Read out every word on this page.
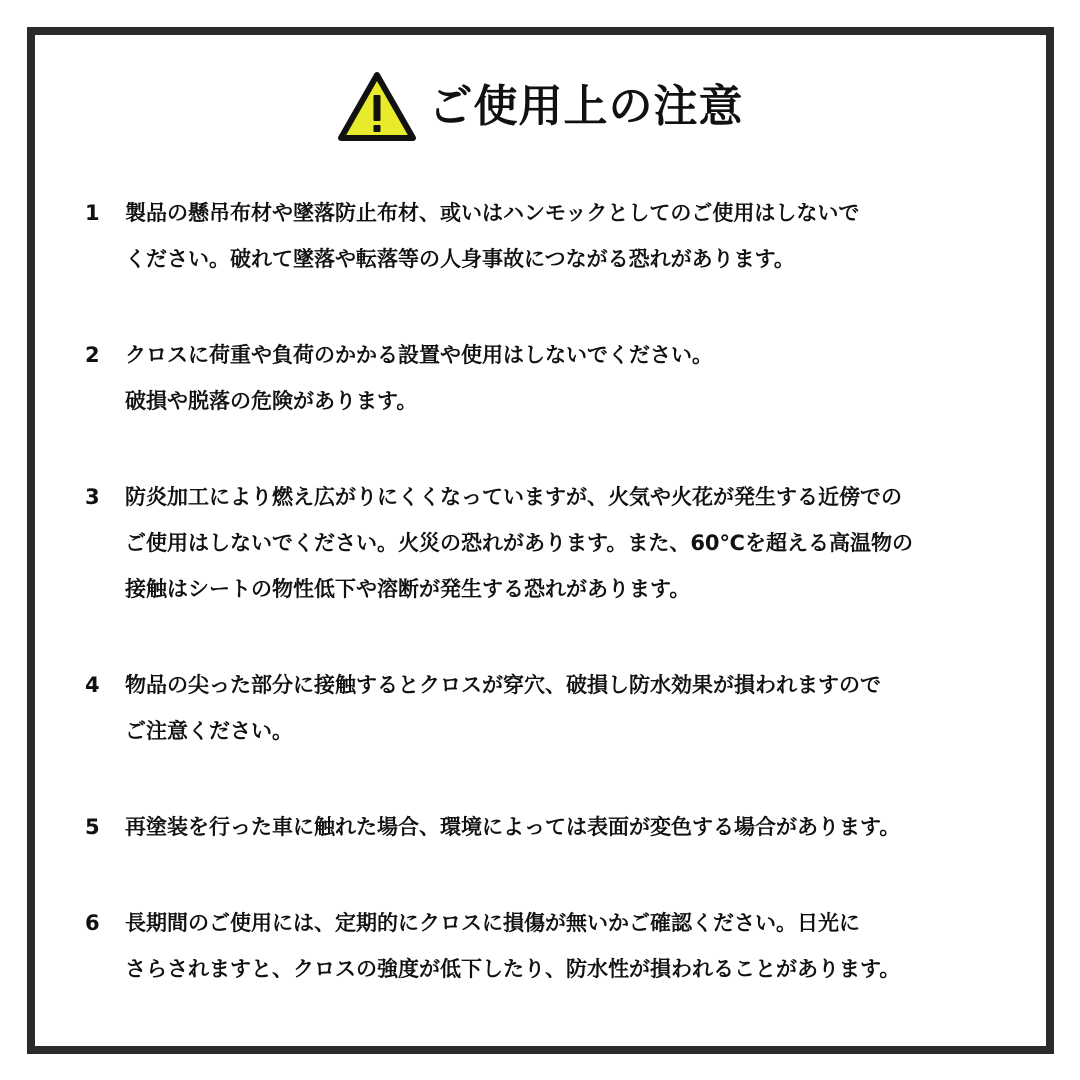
ご使用上の注意
1	製品の懸吊布材や墜落防止布材、或いはハンモックとしてのご使用はしないで
ください。破れて墜落や転落等の人身事故につながる恐れがあります。
2	クロスに荷重や負荷のかかる設置や使用はしないでください。
破損や脱落の危険があります。
3	防炎加工により燃え広がりにくくなっていますが、火気や火花が発生する近傍での
ご使用はしないでください。火災の恐れがあります。また、60℃を超える高温物の
接触はシートの物性低下や溶断が発生する恐れがあります。
4	物品の尖った部分に接触するとクロスが穿穴、破損し防水効果が損われますので
ご注意ください。
5	再塗装を行った車に触れた場合、環境によっては表面が変色する場合があります。
6	長期間のご使用には、定期的にクロスに損傷が無いかご確認ください。日光に
さらされますと、クロスの強度が低下したり、防水性が損われることがあります。
